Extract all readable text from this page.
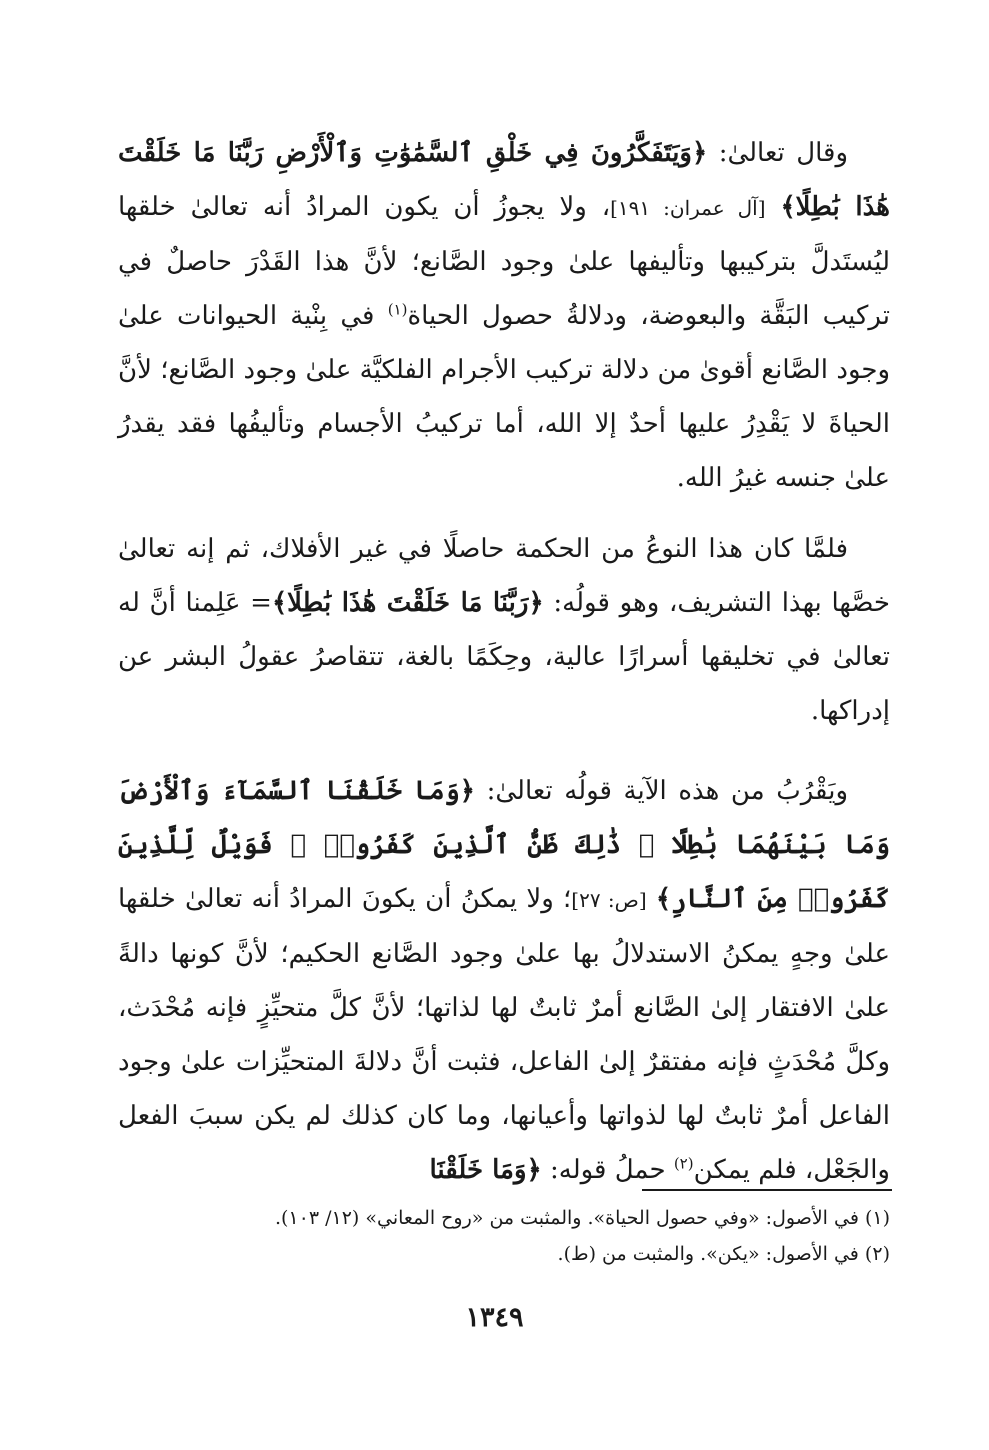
وقال تعالىٰ: ﴿وَيَتَفَكَّرُونَ فِي خَلْقِ ٱلسَّمَٰوَٰتِ وَٱلْأَرْضِ رَبَّنَا مَا خَلَقْتَ هَٰذَا بَٰطِلًا﴾ [آل عمران: ١٩١]، ولا يجوزُ أن يكون المرادُ أنه تعالىٰ خلقها ليُستَدلَّ بتركيبها وتأليفها علىٰ وجود الصَّانع؛ لأنَّ هذا القَدْرَ حاصلٌ في تركيب البَقَّة والبعوضة، ودلالةُ حصول الحياة$^{(١)}$ في بِنْية الحيوانات علىٰ وجود الصَّانع أقوىٰ من دلالة تركيب الأجرام الفلكيَّة علىٰ وجود الصَّانع؛ لأنَّ الحياةَ لا يَقْدِرُ عليها أحدٌ إلا الله، أما تركيبُ الأجسام وتأليفُها فقد يقدرُ علىٰ جنسه غيرُ الله.

فلمَّا كان هذا النوعُ من الحكمة حاصلًا في غير الأفلاك، ثم إنه تعالىٰ خصَّها بهذا التشريف، وهو قولُه: ﴿رَبَّنَا مَا خَلَقْتَ هَٰذَا بَٰطِلًا﴾= عَلِمنا أنَّ له تعالىٰ في تخليقها أسرارًا عالية، وحِكَمًا بالغة، تتقاصرُ عقولُ البشر عن إدراكها.

ويَقْرُبُ من هذه الآية قولُه تعالىٰ: ﴿وَمَا خَلَقْنَا ٱلسَّمَآءَ وَٱلْأَرْضَ وَمَا بَيْنَهُمَا بَٰطِلًا ۚ ذَٰلِكَ ظَنُّ ٱلَّذِينَ كَفَرُوا۟ ۚ فَوَيْلٌ لِّلَّذِينَ كَفَرُوا۟ مِنَ ٱلنَّارِ﴾ [ص: ٢٧]؛ ولا يمكنُ أن يكونَ المرادُ أنه تعالىٰ خلقها علىٰ وجهٍ يمكنُ الاستدلالُ بها علىٰ وجود الصَّانع الحكيم؛ لأنَّ كونها دالةً علىٰ الافتقار إلىٰ الصَّانع أمرٌ ثابتٌ لها لذاتها؛ لأنَّ كلَّ متحيِّزٍ فإنه مُحْدَث، وكلَّ مُحْدَثٍ فإنه مفتقرٌ إلىٰ الفاعل، فثبت أنَّ دلالةَ المتحيِّزات علىٰ وجود الفاعل أمرٌ ثابتٌ لها لذواتها وأعيانها، وما كان كذلك لم يكن سببَ الفعل والجَعْل، فلم يمكن$^{(٢)}$ حملُ قوله: ﴿وَمَا خَلَقْنَا

(١) في الأصول: «وفي حصول الحياة». والمثبت من «روح المعاني» (١٢/ ١٠٣).

(٢) في الأصول: «يكن». والمثبت من (ط).

١٣٤٩
